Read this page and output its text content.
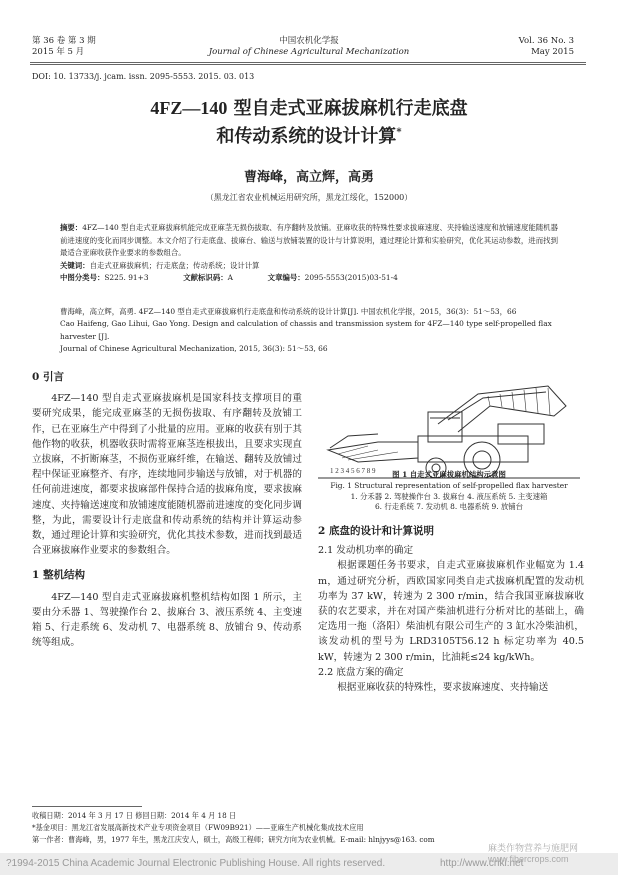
第 36 卷 第 3 期
2015 年 5 月
中国农机化学报
Journal of Chinese Agricultural Mechanization
Vol. 36 No. 3
May 2015
DOI: 10. 13733/j. jcam. issn. 2095-5553. 2015. 03. 013
4FZ—140 型自走式亚麻拔麻机行走底盘
和传动系统的设计计算*
曹海峰，高立辉，高勇
（黑龙江省农业机械运用研究所，黑龙江绥化，152000）
摘要：4FZ—140 型自走式亚麻拔麻机能完成亚麻茎无损伤拔取、有序翻转及放铺。亚麻收获的特殊性要求拔麻速度、夹持输送速度和放铺速度能随机器前进速度的变化而同步调整。本文介绍了行走底盘、拔麻台、输送与放铺装置的设计与计算说明，通过理论计算和实验研究，优化其运动参数，进而找到最适合亚麻收获作业要求的参数组合。
关键词：自走式亚麻拔麻机；行走底盘；传动系统；设计计算
中图分类号：S225. 91+3	文献标识码：A	文章编号：2095-5553(2015)03-51-4
曹海峰，高立辉，高勇. 4FZ—140 型自走式亚麻拔麻机行走底盘和传动系统的设计计算[J]. 中国农机化学报，2015，36(3)：51～53，66
Cao Haifeng, Gao Lihui, Gao Yong. Design and calculation of chassis and transmission system for 4FZ—140 type self-propelled flax harvester [J].
Journal of Chinese Agricultural Mechanization, 2015, 36(3): 51～53, 66
0 引言

4FZ—140 型自走式亚麻拔麻机是国家科技支撑项目的重要研究成果，能完成亚麻茎的无损伤拔取、有序翻转及放铺工作，已在亚麻生产中得到了小批量的应用。亚麻的收获有别于其他作物的收获，机器收获时需将亚麻茎连根拔出，且要求实现直立拔麻，不折断麻茎，不损伤亚麻纤维，在输送、翻转及放铺过程中保证亚麻整齐、有序，连续地同步输送与放铺，对于机器的任何前进速度，都要求拔麻部件保持合适的拔麻角度，要求拔麻速度、夹持输送速度和放铺速度能随机器前进速度的变化同步调整，为此，需要设计行走底盘和传动系统的结构并计算运动参数，通过理论计算和实验研究，优化其技术参数，进而找到最适合亚麻拔麻作业要求的参数组合。

1 整机结构

4FZ—140 型自走式亚麻拔麻机整机结构如图 1 所示，主要由分禾器 1、驾驶操作台 2、拔麻台 3、液压系统 4、主变速箱 5、行走系统 6、发动机 7、电器系统 8、放铺台 9、传动系统等组成。

1 2 3 4 5 6 7 8 9	图 1 自走式亚麻拔麻机结构示意图
Fig. 1 Structural representation of self-propelled flax harvester
1. 分禾器 2. 驾驶操作台 3. 拔麻台 4. 液压系统 5. 主变速箱
6. 行走系统 7. 发动机 8. 电器系统 9. 放铺台
2 底盘的设计和计算说明
2.1 发动机功率的确定

根据课题任务书要求，自走式亚麻拔麻机作业幅宽为 1.4 m，通过研究分析，西欧国家同类自走式拔麻机配置的发动机功率为 37 kW，转速为 2 300 r/min，结合我国亚麻拔麻收获的农艺要求，并在对国产柴油机进行分析对比的基础上，确定选用一拖（洛阳）柴油机有限公司生产的 3 缸水冷柴油机，该发动机的型号为 LRD3105T56.12 h 标定功率为 40.5 kW，转速为 2 300 r/min，比油耗≤24 kg/kWh。

2.2 底盘方案的确定

根据亚麻收获的特殊性，要求拔麻速度、夹持输送

收稿日期：2014 年 3 月 17 日 修回日期：2014 年 4 月 18 日
*基金项目：黑龙江省发展高新技术产业专项资金项目（FW09B921）——亚麻生产机械化集成技术应用
第一作者：曹海峰，男，1977 年生，黑龙江庆安人，硕士，高级工程师；研究方向为农业机械。E-mail: hlnjyys@163. com
?1994-2015 China Academic Journal Electronic Publishing House. All rights reserved.	http://www.cnki.net
麻类作物营养与施肥网 www.fibercrops.com
